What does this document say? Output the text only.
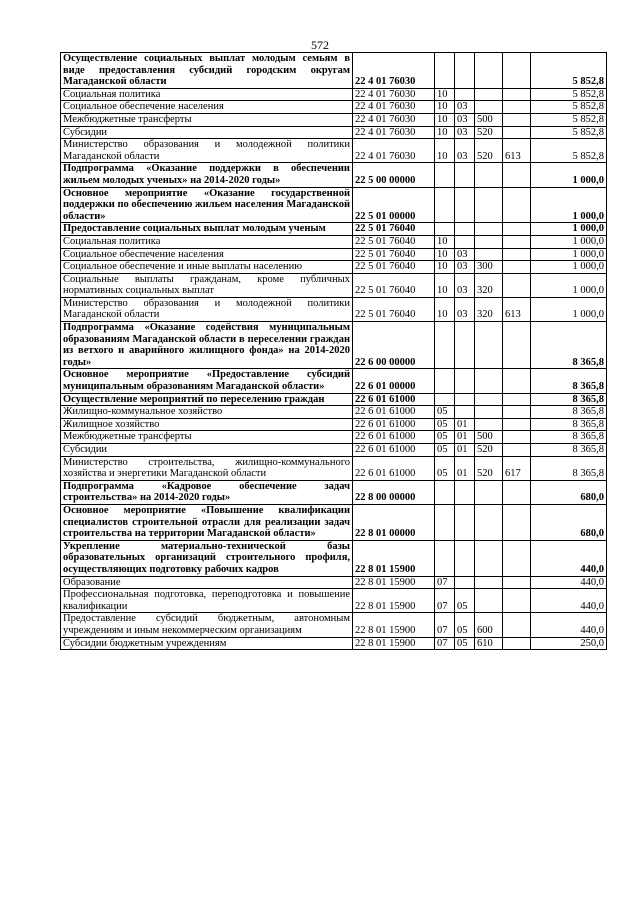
572
Осуществление социальных выплат молодым семьям в виде предоставления субсидий городским округам Магаданской области	22 4 01 76030					5 852,8
Социальная политика	22 4 01 76030	10				5 852,8
Социальное обеспечение населения	22 4 01 76030	10	03			5 852,8
Межбюджетные трансферты	22 4 01 76030	10	03	500		5 852,8
Субсидии	22 4 01 76030	10	03	520		5 852,8
Министерство образования и молодежной политики Магаданской области	22 4 01 76030	10	03	520	613	5 852,8
Подпрограмма «Оказание поддержки в обеспечении жильем молодых ученых» на 2014-2020 годы»	22 5 00 00000					1 000,0
Основное мероприятие «Оказание государственной поддержки по обеспечению жильем населения Магаданской области»	22 5 01 00000					1 000,0
Предоставление социальных выплат молодым ученым	22 5 01 76040					1 000,0
Социальная политика	22 5 01 76040	10				1 000,0
Социальное обеспечение населения	22 5 01 76040	10	03			1 000,0
Социальное обеспечение и иные выплаты населению	22 5 01 76040	10	03	300		1 000,0
Социальные выплаты гражданам, кроме публичных нормативных социальных выплат	22 5 01 76040	10	03	320		1 000,0
Министерство образования и молодежной политики Магаданской области	22 5 01 76040	10	03	320	613	1 000,0
Подпрограмма «Оказание содействия муниципальным образованиям Магаданской области в переселении граждан из ветхого и аварийного жилищного фонда» на 2014-2020 годы»	22 6 00 00000					8 365,8
Основное мероприятие «Предоставление субсидий муниципальным образованиям Магаданской области»	22 6 01 00000					8 365,8
Осуществление мероприятий по переселению граждан	22 6 01 61000					8 365,8
Жилищно-коммунальное хозяйство	22 6 01 61000	05				8 365,8
Жилищное хозяйство	22 6 01 61000	05	01			8 365,8
Межбюджетные трансферты	22 6 01 61000	05	01	500		8 365,8
Субсидии	22 6 01 61000	05	01	520		8 365,8
Министерство строительства, жилищно-коммунального хозяйства и энергетики Магаданской области	22 6 01 61000	05	01	520	617	8 365,8
Подпрограмма «Кадровое обеспечение задач строительства» на 2014-2020 годы»	22 8 00 00000					680,0
Основное мероприятие «Повышение квалификации специалистов строительной отрасли для реализации задач строительства на территории Магаданской области»	22 8 01 00000					680,0
Укрепление материально-технической базы образовательных организаций строительного профиля, осуществляющих подготовку рабочих кадров	22 8 01 15900					440,0
Образование	22 8 01 15900	07				440,0
Профессиональная подготовка, переподготовка и повышение квалификации	22 8 01 15900	07	05			440,0
Предоставление субсидий бюджетным, автономным учреждениям и иным некоммерческим организациям	22 8 01 15900	07	05	600		440,0
Субсидии бюджетным учреждениям	22 8 01 15900	07	05	610		250,0
